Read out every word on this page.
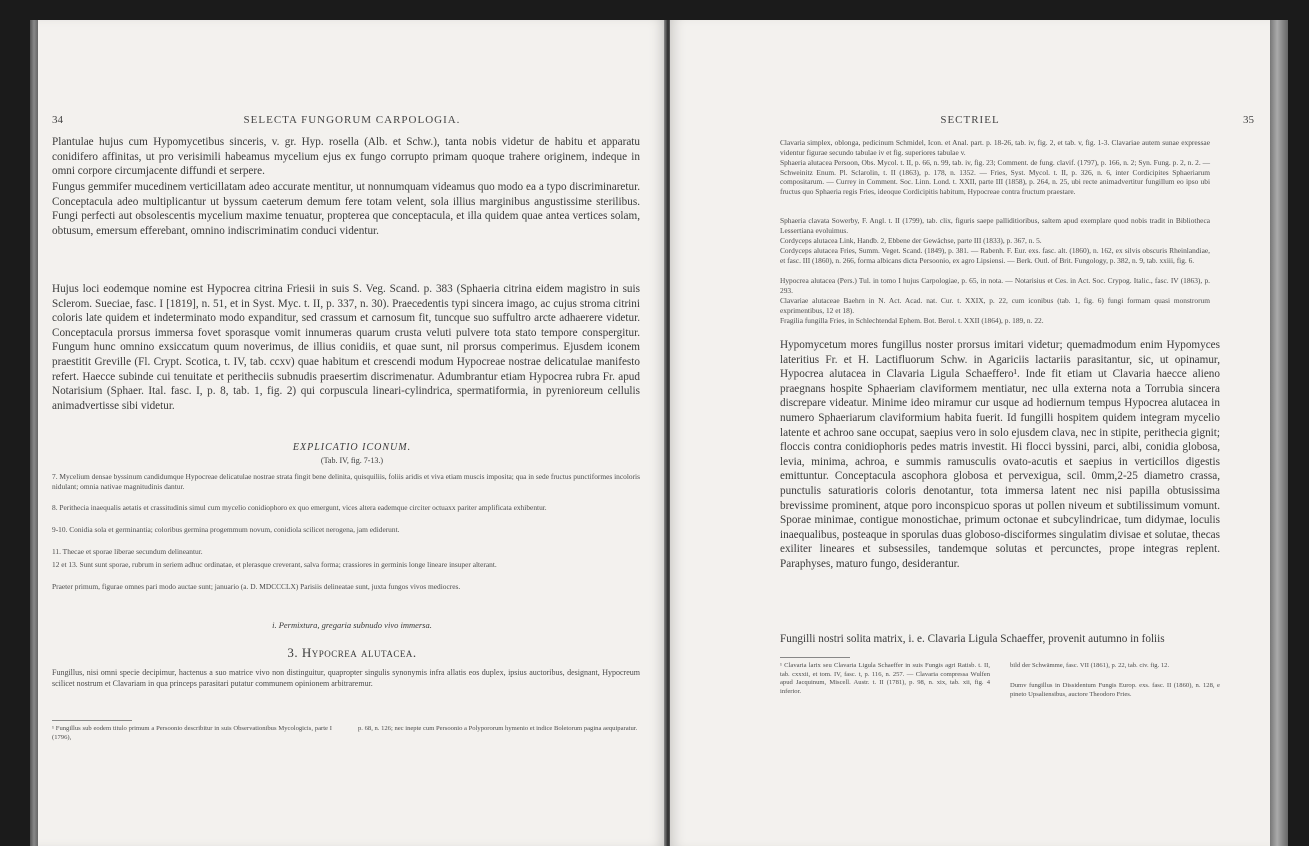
34	SELECTA FUNGORUM CARPOLOGIA.
Plantulae hujus cum Hypomycetibus sinceris, v. gr. Hyp. rosella (Alb. et Schw.), tanta nobis videtur de habitu et apparatu conidifero affinitas, ut pro verisimili habeamus mycelium ejus ex fungo corrupto primam quoque trahere originem, indeque in omni corpore circumjacente diffundi et serpere.
Fungus gemmifer mucedinem verticillatam adeo accurate mentitur, ut nonnumquam videamus quo modo ea a typo discriminaretur. Conceptacula adeo multiplicantur ut byssum caeterum demum fere totam velent, sola illius marginibus angustissime sterilibus. Fungi perfecti aut obsolescentis mycelium maxime tenuatur, propterea que conceptacula, et illa quidem quae antea vertices solam, obtusum, emersum efferebant, omnino indiscriminatim conduci videntur.
Hujus loci eodemque nomine est Hypocrea citrina Friesii in suis S. Veg. Scand. p. 383 (Sphaeria citrina eidem magistro in suis Sclerom. Sueciae, fasc. I [1819], n. 51, et in Syst. Myc. t. II, p. 337, n. 30). Praecedentis typi sincera imago, ac cujus stroma citrini coloris late quidem et indeterminato modo expanditur, sed crassum et carnosum fit, tuncque suo suffultro arcte adhaerere videtur. Conceptacula prorsus immersa fovet sporasque vomit innumeras quarum crusta veluti pulvere tota stato tempore conspergitur. Fungum hunc omnino exsiccatum quum noverimus, de illius conidiis, et quae sunt, nil prorsus comperimus. Ejusdem iconem praestitit Greville (Fl. Crypt. Scotica, t. IV, tab. ccxv) quae habitum et crescendi modum Hypocreae nostrae delicatulae manifesto refert. Haecce subinde cui tenuitate et peritheciis subnudis praesertim discrimenatur. Adumbrantur etiam Hypocrea rubra Fr. apud Notarisium (Sphaer. Ital. fasc. I, p. 8, tab. 1, fig. 2) qui corpuscula lineari-cylindrica, spermatiformia, in pyrenioreum cellulis animadvertisse sibi videtur.
EXPLICATIO ICONUM.
(Tab. IV, fig. 7-13.)
7. Mycelium densae byssinum candidumque Hypocreae delicatulae nostrae strata fingit bene delinita, quisquiliis, foliis aridis et viva etiam muscis imposita; qua in sede fructus punctiformes incoloris nidulant; omnia nativae magnitudinis dantur.
8. Perithecia inaequalis aetatis et crassitudinis simul cum mycelio conidiophoro ex quo emergunt, vices altera eademque circiter octuaxx pariter amplificata exhibentur.
9-10. Conidia sola et germinantia; coloribus germina progemmum novum, conidiola scilicet nerogena, jam ediderunt.
11. Thecae et sporae liberae secundum delineantur.
12 et 13. Sunt sunt sporae, rubrum in seriem adhuc ordinatae, et plerasque creverant, salva forma; crassiores in germinis longe lineare insuper alterant.
Praeter primum, figurae omnes pari modo auctae sunt; januario (a. D. MDCCCLX) Parisiis delineatae sunt, juxta fungos vivos mediocres.
i. Permixtura, gregaria subnudo vivo immersa.
3. Hypocrea alutacea.
Fungillus, nisi omni specie decipimur, hactenus a suo matrice vivo non distinguitur, quapropter singulis synonymis infra allatis eos duplex, ipsius auctoribus, designant, Hypocreum scilicet nostrum et Clavariam in qua princeps parasitari putatur communem opinionem arbitraremur.
¹ Fungillus sub eodem titulo primum a Persoonio describitur in suis Observationibus Mycologicis, parte I (1796),
p. 68, n. 126; nec inepte cum Persoonio a Polypororum hymenio et indice Boletorum pagina aequiparatur.
SECTRIEL	35
Clavaria simplex, oblonga, pedicinum Schmidel, Icon. et Anal. part. p. 18-26, tab. iv, fig. 2, et tab. v, fig. 1-3. Clavariae autem sunae expressae videntur figurae secundo tabulae iv et fig. superiores tabulae v.
Sphaeria alutacea Persoon, Obs. Mycol. t. II, p. 66, n. 99, tab. iv, fig. 23; Comment. de fung. clavif. (1797), p. 166, n. 2; Syn. Fung. p. 2, n. 2. — Schweinitz Enum. Pl. Sclarolin, t. II (1863), p. 178, n. 1352. — Fries, Syst. Mycol. t. II, p. 326, n. 6, inter Cordicipites Sphaeriarum compositarum. — Currey in Comment. Soc. Linn. Lond. t. XXII, parte III (1858), p. 264, n. 25, ubi recte animadvertitur fungillum eo ipso ubi fructus quo Sphaeria regis Fries, ideoque Cordicipitis habitum, Hypocreae contra fructum praestare.
Sphaeria clavata Sowerby, F. Angl. t. II (1799), tab. clix, figuris saepe palliditioribus, saltem apud exemplare quod nobis tradit in Bibliotheca Lessertiana evoluimus.
Cordyceps alutacea Link, Handb. 2, Ebbene der Gewächse, parte III (1833), p. 367, n. 5.
Cordyceps alutacea Fries, Summ. Veget. Scand. (1849), p. 381. — Rabenh. F. Eur. exs. fasc. alt. (1860), n. 162, ex silvis obscuris Rheinlandiae, et fasc. III (1860), n. 266, forma albicans dicta Persoonio, ex agro Lipsiensi. — Berk. Outl. of Brit. Fungology, p. 382, n. 9, tab. xxiii, fig. 6.
Hypocrea alutacea (Pers.) Tul. in tomo I hujus Carpologiae, p. 65, in nota. — Notarisius et Ces. in Act. Soc. Crypog. Italic., fasc. IV (1863), p. 293.
Clavariae alutaceae Baehrn in N. Act. Acad. nat. Cur. t. XXIX, p. 22, cum iconibus (tab. 1, fig. 6) fungi formam quasi monstrorum exprimentibus, 12 et 18).
Fragilia fungilla Fries, in Schlechtendal Ephem. Bot. Berol. t. XXII (1864), p. 189, n. 22.
Hypomycetum mores fungillus noster prorsus imitari videtur; quemadmodum enim Hypomyces lateritius Fr. et H. Lactifluorum Schw. in Agariciis lactariis parasitantur, sic, ut opinamur, Hypocrea alutacea in Clavaria Ligula Schaeffero¹. Inde fit etiam ut Clavaria haecce alieno praegnans hospite Sphaeriam claviformem mentiatur, nec ulla externa nota a Torrubia sincera discrepare videatur. Minime ideo miramur cur usque ad hodiernum tempus Hypocrea alutacea in numero Sphaeriarum claviformium habita fuerit. Id fungilli hospitem quidem integram mycelio latente et achroo sane occupat, saepius vero in solo ejusdem clava, nec in stipite, perithecia gignit; floccis contra conidiophoris pedes matris investit. Hi flocci byssini, parci, albi, conidia globosa, levia, minima, achroa, e summis ramusculis ovato-acutis et saepius in verticillos digestis emittuntur. Conceptacula ascophora globosa et pervexigua, scil. 0mm,2-25 diametro crassa, punctulis saturatioris coloris denotantur, tota immersa latent nec nisi papilla obtusissima brevissime prominent, atque poro inconspicuo sporas ut pollen niveum et subtilissimum vomunt. Sporae minimae, contigue monostichae, primum octonae et subcylindricae, tum didymae, loculis inaequalibus, posteaque in sporulas duas globoso-disciformes singulatim divisae et solutae, thecas exiliter lineares et subsessiles, tandemque solutas et percunctes, prope integras replent. Paraphyses, maturo fungo, desiderantur.
Fungilli nostri solita matrix, i. e. Clavaria Ligula Schaeffer, provenit autumno in foliis
¹ Clavaria larix seu Clavaria Ligula Schaeffer in suis Fungis agri Ratisb. t. II, tab. cxxxii, et tom. IV, fasc. t, p. 116, n. 257. — Clavaria compressa Wulfen apud Jacquinum, Miscell. Austr. t. II (1781), p. 98, n. xix, tab. xii, fig. 4 inferior.
bild der Schwämme, fasc. VII (1861), p. 22, tab. civ. fig. 12.
Dumv fungillus in Dissidentum Fungis Europ. exs. fasc. II (1860), n. 128, e pineto Upsaliensibus, auctore Theodoro Fries.
